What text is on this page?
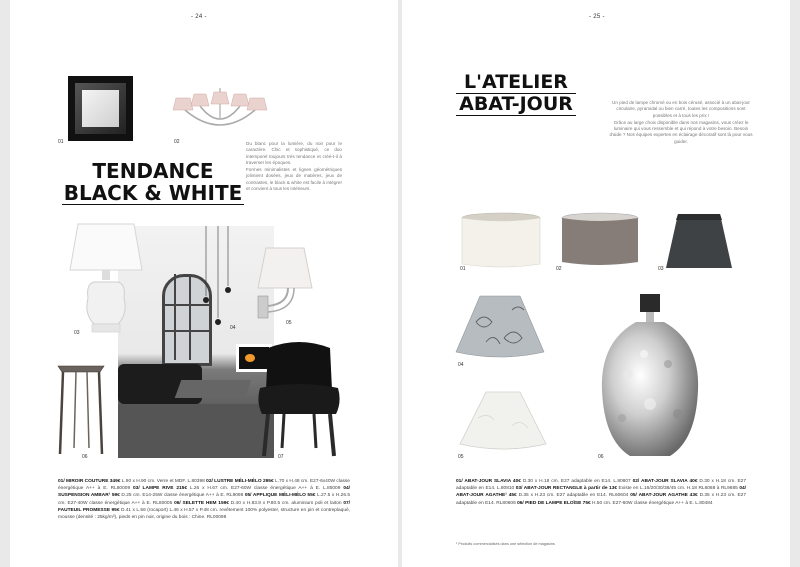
- 24 -
01	02
TENDANCE
BLACK & WHITE

Du blanc pour la lumière, du noir pour le caractère. Chic et sophistiqué, ce duo intemporel toujours très tendance et créé-t-il à traverser les époques.

Formes minimalistes et lignes géométriques jolimient dosées, jeux de matières, jeux de contrastes, le black & white est facile à intégrer et convient à tous les intérieurs.

04
03
05
06	07
01/ MIROIR COUTURE 349€ L.90 x H.90 cm. Verre et MDF. L.80398 02/ LUSTRE MÉLI-MÉLO 295€ L.70 x H.48 cm. E27-6x40W classe énergétique A++ à E. RL80009 03/ LAMPE RIVE 215€ L.26 x H.67 cm. E27-60W classe énergétique A++ à E. L.85009 04/ SUSPENSION AMBAR¹ 59€ D.25 cm. E14-25W classe énergétique A++ à E. RL9098 05/ APPLIQUE MÉLI-MÉLO 55€ L.27.5 x H.26.5 cm. E27-40W classe énergétique A++ à E. RL80005 06/ SELETTE HEM 159€ D.40 x H.83.8 x P.80.5 cm. aluminium poli et laiton 07/ FAUTEUIL PROMESSE 95€ D.41 x L.56 (rocaport) L.46 x H.57 x P.48 cm. revêtement 100% polyester, structure en pin et contreplaqué, mousse (densité : 25kg/m³), pieds en pin noir, origine du bois : Chine. RL00098
- 25 -
L'ATELIER
ABAT-JOUR	Un pied de lampe chromé ou en bois cérusé, associé à un abat-jour circulaire, pyramidal ou bien carré, toutes les compositions sont possibles et à tous les prix !

Grâce au large choix disponible dans nos magasins, vous créez le luminaire qui vous ressemble et qui répond à votre besoin. Besoin d'aide ? Nos équipes expertes en éclairage décoratif sont là pour vous guider.

01	02	03
04
05	06
01/ ABAT-JOUR SLAVIA 40€ D.30 x H.18 cm. E27 adaptable en E14. L.80807 02/ ABAT-JOUR SLAVIA 40€ D.30 x H.18 cm. E27 adaptable en E14. L.80810 03/ ABAT-JOUR RECTANGLE à partir de 13€ Existe en L.16/20/30/38/45 cm. H.18 RL6068 à RL9685 04/ ABAT-JOUR AGATHE¹ 45€ D.35 x H.23 cm. E27 adaptable en E14. RL60604 05/ ABAT-JOUR AGATHE 43€ D.35 x H.23 cm. E27 adaptable en E14. RL80606 06/ PIED DE LAMPE ELOÏSE 75€ H.50 cm. E27-60W classe énergétique A++ à E. L.80484
¹ Produits commercialisés dans une sélection de magasins
